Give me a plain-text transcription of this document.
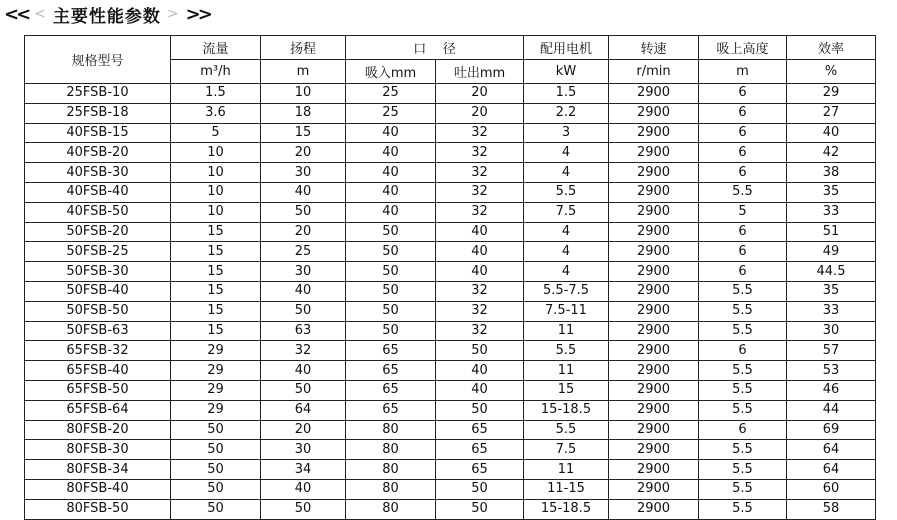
<< < 主要性能参数 > >>
规格型号	流量	扬程	口    径		配用电机	转速	吸上高度	效率
	m³/h	m	吸入mm	吐出mm	kW	r/min	m	%
25FSB-10	1.5	10	25	20	1.5	2900	6	29
25FSB-18	3.6	18	25	20	2.2	2900	6	27
40FSB-15	5	15	40	32	3	2900	6	40
40FSB-20	10	20	40	32	4	2900	6	42
40FSB-30	10	30	40	32	4	2900	6	38
40FSB-40	10	40	40	32	5.5	2900	5.5	35
40FSB-50	10	50	40	32	7.5	2900	5	33
50FSB-20	15	20	50	40	4	2900	6	51
50FSB-25	15	25	50	40	4	2900	6	49
50FSB-30	15	30	50	40	4	2900	6	44.5
50FSB-40	15	40	50	32	5.5-7.5	2900	5.5	35
50FSB-50	15	50	50	32	7.5-11	2900	5.5	33
50FSB-63	15	63	50	32	11	2900	5.5	30
65FSB-32	29	32	65	50	5.5	2900	6	57
65FSB-40	29	40	65	40	11	2900	5.5	53
65FSB-50	29	50	65	40	15	2900	5.5	46
65FSB-64	29	64	65	50	15-18.5	2900	5.5	44
80FSB-20	50	20	80	65	5.5	2900	6	69
80FSB-30	50	30	80	65	7.5	2900	5.5	64
80FSB-34	50	34	80	65	11	2900	5.5	64
80FSB-40	50	40	80	50	11-15	2900	5.5	60
80FSB-50	50	50	80	50	15-18.5	2900	5.5	58
